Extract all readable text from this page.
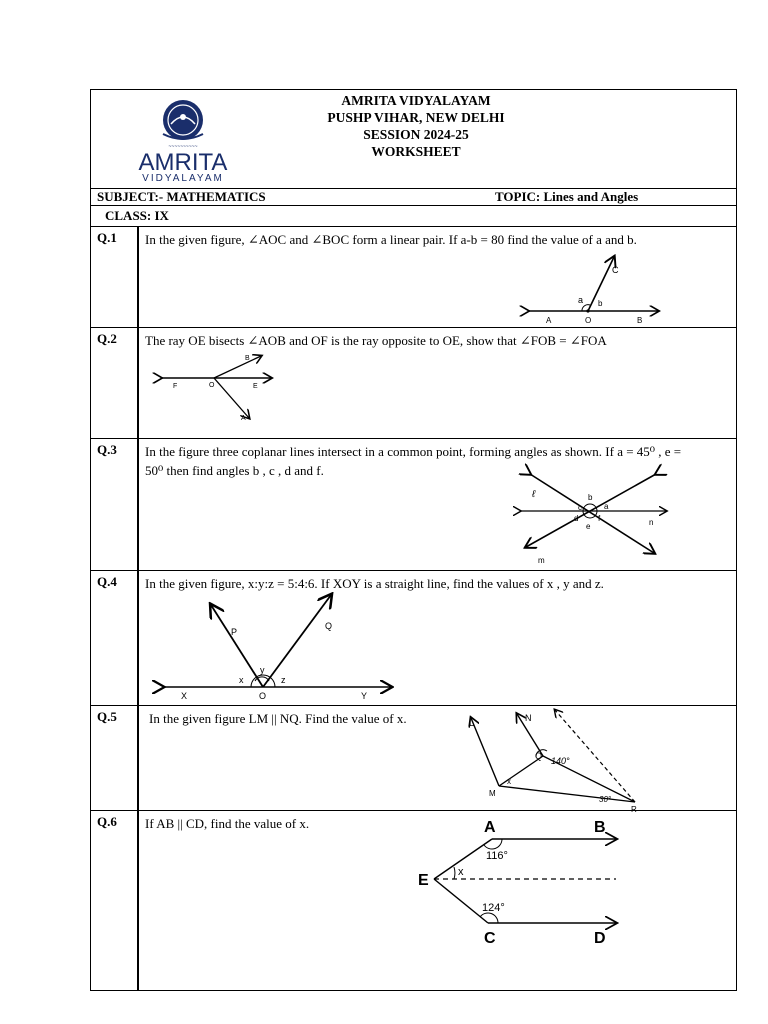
~~~~~~~~~~
AMRITA
VIDYALAYAM
AMRITA VIDYALAYAM
PUSHP VIHAR, NEW DELHI
SESSION 2024-25
WORKSHEET
SUBJECT:- MATHEMATICS	TOPIC: Lines and Angles
CLASS: IX
Q.1 In the given figure, ∠AOC and ∠BOC form a linear pair. If a-b = 80 find the value of a and b.
A	O	B
C
a b
Q.2 The ray OE bisects ∠AOB and OF is the ray opposite to OE, show that ∠FOB = ∠FOA
F	O	E
B
A
Q.3 In the figure three coplanar lines intersect in a common point, forming angles as shown. If a = 45⁰ , e = 50⁰ then find angles b , c , d and f.
ℓ
m
n
b
a
c
d f
e
Q.4 In the given figure, x:y:z = 5:4:6. If XOY is a straight line, find the values of x , y and z.
X	O	Y
P
Q
x
y
z
Q.5 In the given figure LM || NQ. Find the value of x.	L	N
Q
M
R
x
140°
30°
Q.6 If AB || CD, find the value of x.	A	B
E
C	D
x
116°
124°
